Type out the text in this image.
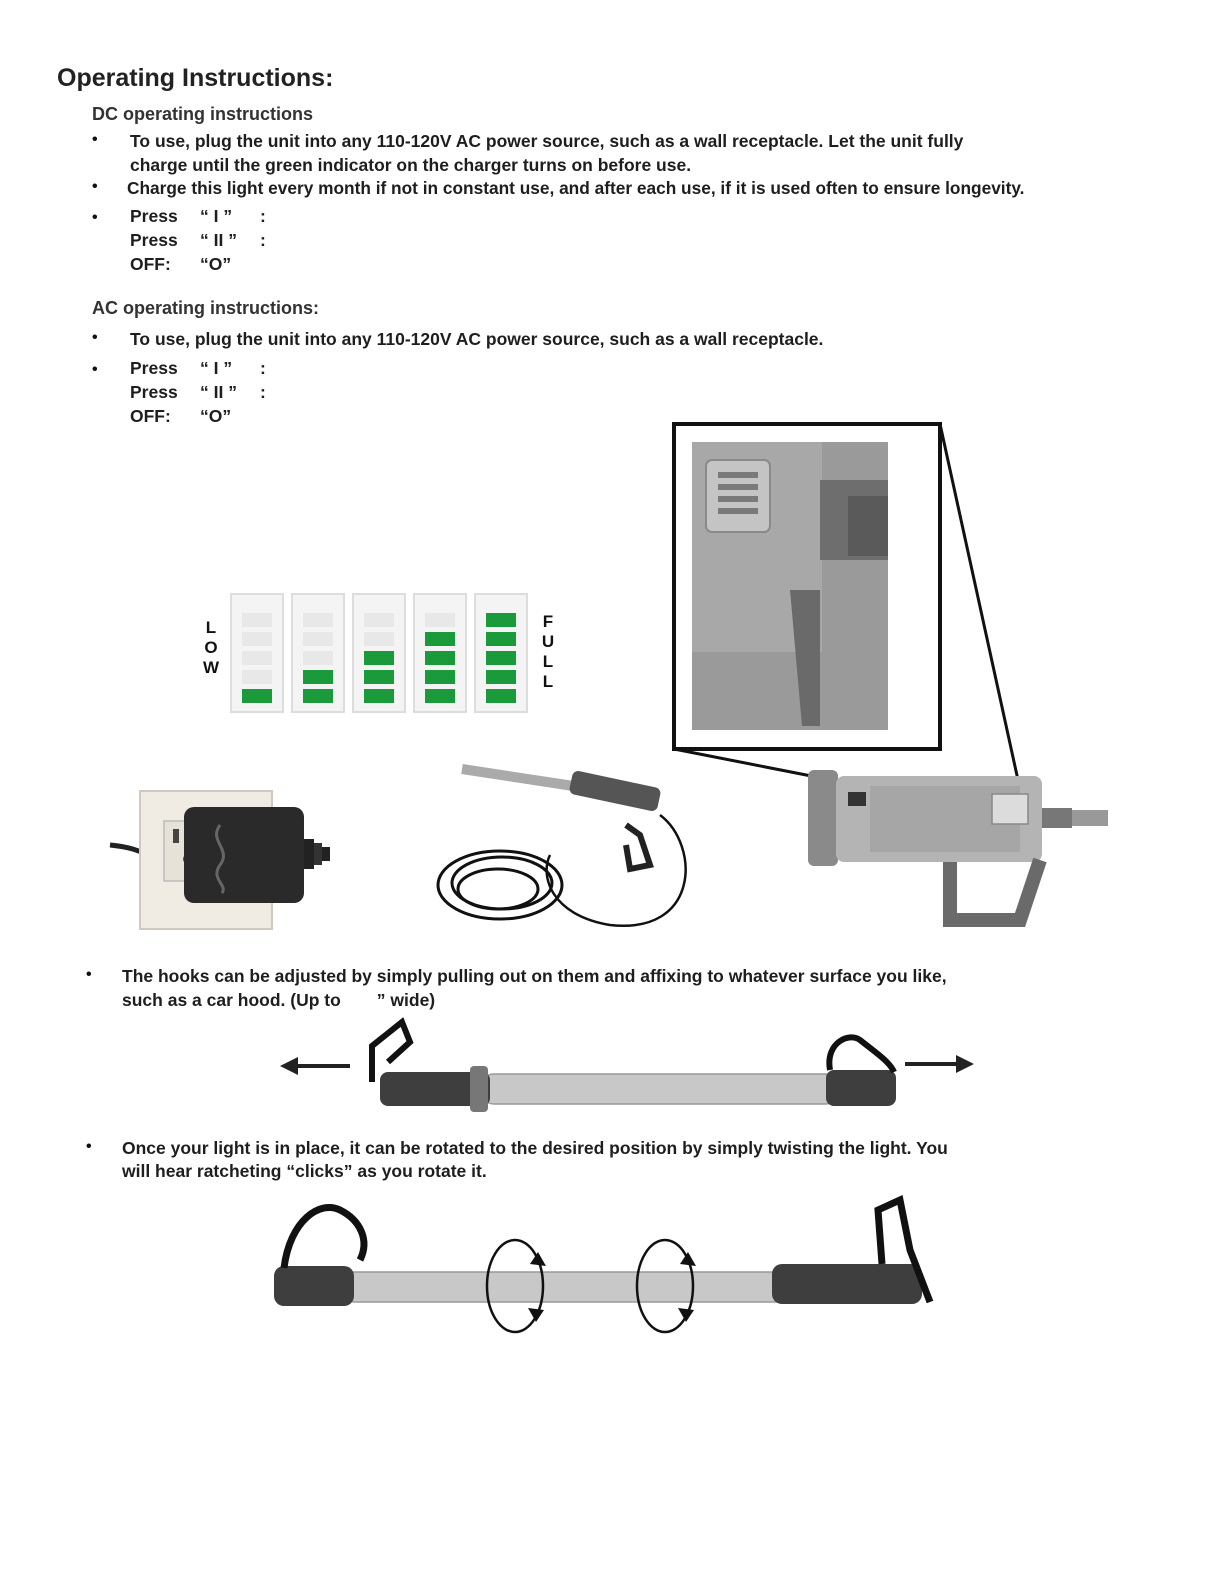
Operating Instructions:
DC operating instructions
• To use, plug the unit into any 110-120V AC power source, such as a wall receptacle. Let the unit fully
charge until the green indicator on the charger turns on before use.
• Charge this light every month if not in constant use, and after each use, if it is used often to ensure longevity.
• Press “ I ” :
Press “ II ” :
OFF: “O”
AC operating instructions:
• To use, plug the unit into any 110-120V AC power source, such as a wall receptacle.
• Press “ I ” :
Press “ II ” :
OFF: “O”
L
O
W
F
U
L
L
• The hooks can be adjusted by simply pulling out on them and affixing to whatever surface you like,
such as a car hood. (Up to ” wide)
• Once your light is in place, it can be rotated to the desired position by simply twisting the light. You
will hear ratcheting “clicks” as you rotate it.
